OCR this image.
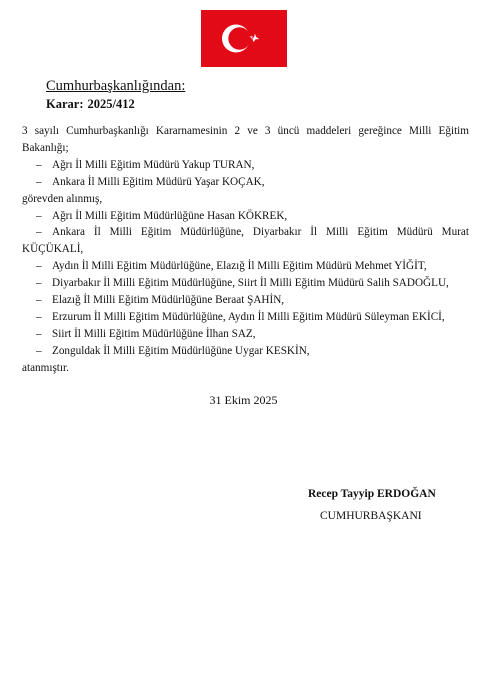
Cumhurbaşkanlığından:
Karar: 2025/412

3 sayılı Cumhurbaşkanlığı Kararnamesinin 2 ve 3 üncü maddeleri gereğince Milli Eğitim
Bakanlığı;

– Ağrı İl Milli Eğitim Müdürü Yakup TURAN,

– Ankara İl Milli Eğitim Müdürü Yaşar KOÇAK,

görevden alınmış,

– Ağrı İl Milli Eğitim Müdürlüğüne Hasan KÖKREK,

– Ankara İl Milli Eğitim Müdürlüğüne, Diyarbakır İl Milli Eğitim Müdürü Murat
KÜÇÜKALİ,

– Aydın İl Milli Eğitim Müdürlüğüne, Elazığ İl Milli Eğitim Müdürü Mehmet YİĞİT,

– Diyarbakır İl Milli Eğitim Müdürlüğüne, Siirt İl Milli Eğitim Müdürü Salih SADOĞLU,

– Elazığ İl Milli Eğitim Müdürlüğüne Beraat ŞAHİN,

– Erzurum İl Milli Eğitim Müdürlüğüne, Aydın İl Milli Eğitim Müdürü Süleyman EKİCİ,

– Siirt İl Milli Eğitim Müdürlüğüne İlhan SAZ,

– Zonguldak İl Milli Eğitim Müdürlüğüne Uygar KESKİN,

atanmıştır.

31 Ekim 2025
Recep Tayyip ERDOĞAN
CUMHURBAŞKANI
